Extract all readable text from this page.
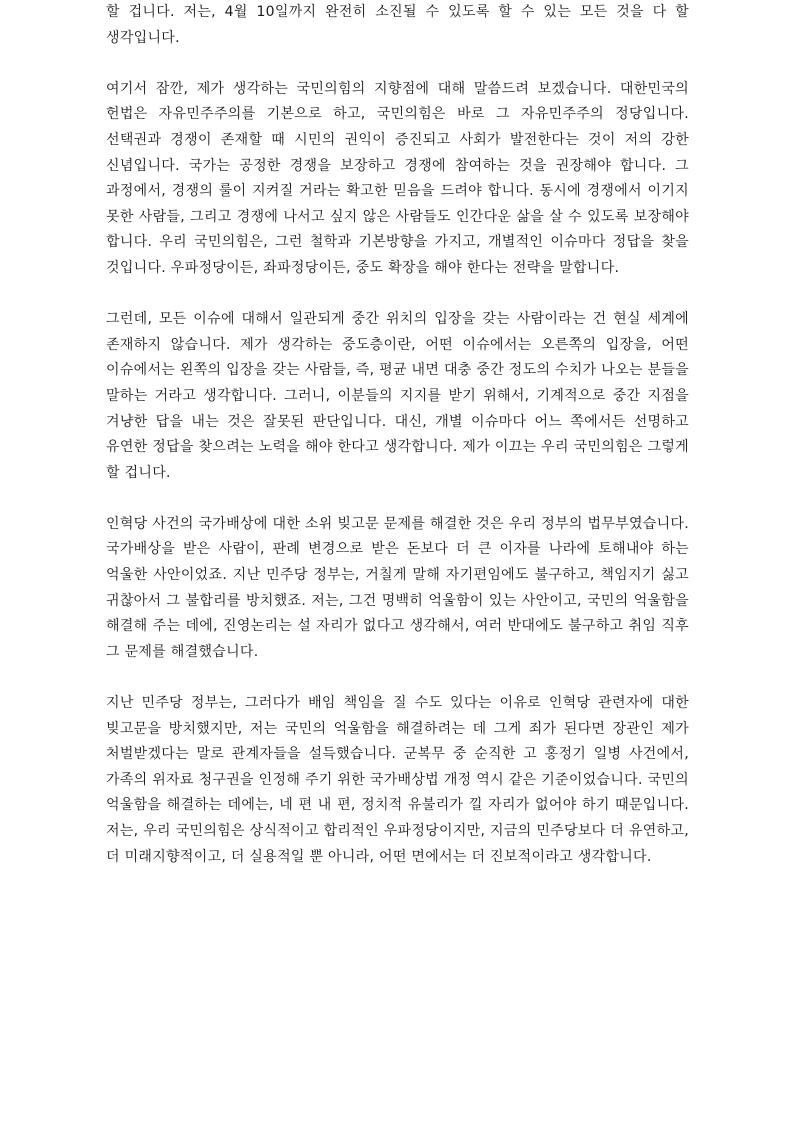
할 겁니다. 저는, 4월 10일까지 완전히 소진될 수 있도록 할 수 있는 모든 것을 다 할 생각입니다.

여기서 잠깐, 제가 생각하는 국민의힘의 지향점에 대해 말씀드려 보겠습니다. 대한민국의 헌법은 자유민주주의를 기본으로 하고, 국민의힘은 바로 그 자유민주주의 정당입니다. 선택권과 경쟁이 존재할 때 시민의 권익이 증진되고 사회가 발전한다는 것이 저의 강한 신념입니다. 국가는 공정한 경쟁을 보장하고 경쟁에 참여하는 것을 권장해야 합니다. 그 과정에서, 경쟁의 룰이 지켜질 거라는 확고한 믿음을 드려야 합니다. 동시에 경쟁에서 이기지 못한 사람들, 그리고 경쟁에 나서고 싶지 않은 사람들도 인간다운 삶을 살 수 있도록 보장해야 합니다. 우리 국민의힘은, 그런 철학과 기본방향을 가지고, 개별적인 이슈마다 정답을 찾을 것입니다. 우파정당이든, 좌파정당이든, 중도 확장을 해야 한다는 전략을 말합니다.

그런데, 모든 이슈에 대해서 일관되게 중간 위치의 입장을 갖는 사람이라는 건 현실 세계에 존재하지 않습니다. 제가 생각하는 중도층이란, 어떤 이슈에서는 오른쪽의 입장을, 어떤 이슈에서는 왼쪽의 입장을 갖는 사람들, 즉, 평균 내면 대충 중간 정도의 수치가 나오는 분들을 말하는 거라고 생각합니다. 그러니, 이분들의 지지를 받기 위해서, 기계적으로 중간 지점을 겨냥한 답을 내는 것은 잘못된 판단입니다. 대신, 개별 이슈마다 어느 쪽에서든 선명하고 유연한 정답을 찾으려는 노력을 해야 한다고 생각합니다. 제가 이끄는 우리 국민의힘은 그렇게 할 겁니다.

인혁당 사건의 국가배상에 대한 소위 빚고문 문제를 해결한 것은 우리 정부의 법무부였습니다. 국가배상을 받은 사람이, 판례 변경으로 받은 돈보다 더 큰 이자를 나라에 토해내야 하는 억울한 사안이었죠. 지난 민주당 정부는, 거칠게 말해 자기편임에도 불구하고, 책임지기 싫고 귀찮아서 그 불합리를 방치했죠. 저는, 그건 명백히 억울함이 있는 사안이고, 국민의 억울함을 해결해 주는 데에, 진영논리는 설 자리가 없다고 생각해서, 여러 반대에도 불구하고 취임 직후 그 문제를 해결했습니다.

지난 민주당 정부는, 그러다가 배임 책임을 질 수도 있다는 이유로 인혁당 관련자에 대한 빚고문을 방치했지만, 저는 국민의 억울함을 해결하려는 데 그게 죄가 된다면 장관인 제가 처벌받겠다는 말로 관계자들을 설득했습니다. 군복무 중 순직한 고 홍정기 일병 사건에서, 가족의 위자료 청구권을 인정해 주기 위한 국가배상법 개정 역시 같은 기준이었습니다. 국민의 억울함을 해결하는 데에는, 네 편 내 편, 정치적 유불리가 낄 자리가 없어야 하기 때문입니다. 저는, 우리 국민의힘은 상식적이고 합리적인 우파정당이지만, 지금의 민주당보다 더 유연하고, 더 미래지향적이고, 더 실용적일 뿐 아니라, 어떤 면에서는 더 진보적이라고 생각합니다.
